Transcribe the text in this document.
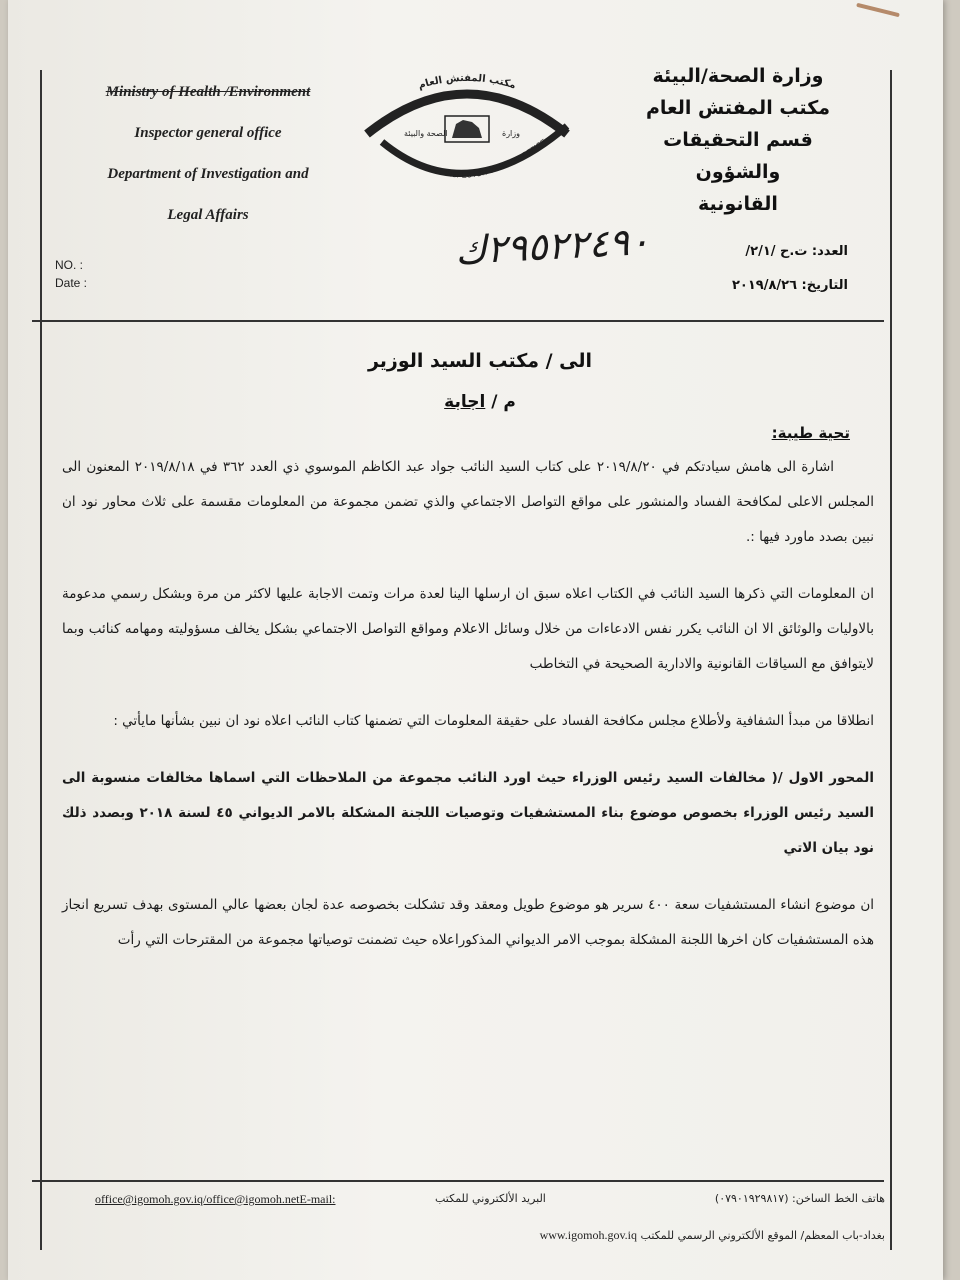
Ministry of Health /Environment
Inspector general office
Department of Investigation and
Legal Affairs
NO. :
Date :
مكتب المفتش العام
INSPECTOR GENERAL OFFICE
الصحة والبيئة	وزارة
وزارة الصحة/البيئة
مكتب المفتش العام
قسم التحقيقات والشؤون
القانونية
العدد: ت.ح /٢/١/
التاريخ: ٢٠١٩/٨/٢٦
٢٩٥٢٢٤٩٠ك
الى / مكتب السيد الوزير
م / اجابة
تحية طيبة:

اشارة الى هامش سيادتكم في ٢٠١٩/٨/٢٠ على كتاب السيد النائب جواد عبد الكاظم الموسوي ذي العدد ٣٦٢ في ٢٠١٩/٨/١٨ المعنون الى المجلس الاعلى لمكافحة الفساد والمنشور على مواقع التواصل الاجتماعي والذي تضمن مجموعة من المعلومات مقسمة على ثلاث محاور نود ان نبين بصدد ماورد فيها :.

ان المعلومات التي ذكرها السيد النائب في الكتاب اعلاه سبق ان ارسلها الينا لعدة مرات وتمت الاجابة عليها لاكثر من مرة وبشكل رسمي مدعومة بالاوليات والوثائق الا ان النائب يكرر نفس الادعاءات من خلال وسائل الاعلام ومواقع التواصل الاجتماعي بشكل يخالف مسؤوليته ومهامه كنائب وبما لايتوافق مع السياقات القانونية والادارية الصحيحة في التخاطب

انطلاقا من مبدأ الشفافية ولأطلاع مجلس مكافحة الفساد على حقيقة المعلومات التي تضمنها كتاب النائب اعلاه نود ان نبين بشأنها مايأتي :

المحور الاول /( مخالفات السيد رئيس الوزراء حيث اورد النائب مجموعة من الملاحظات التي اسماها مخالفات منسوبة الى السيد رئيس الوزراء بخصوص موضوع بناء المستشفيات وتوصيات اللجنة المشكلة بالامر الديواني ٤٥ لسنة ٢٠١٨ وبصدد ذلك نود بيان الاتي

ان موضوع انشاء المستشفيات سعة ٤٠٠ سرير هو موضوع طويل ومعقد وقد تشكلت بخصوصه عدة لجان بعضها عالي المستوى بهدف تسريع انجاز هذه المستشفيات كان اخرها اللجنة المشكلة بموجب الامر الديواني المذكوراعلاه حيث تضمنت توصياتها مجموعة من المقترحات التي رأت

office@igomoh.gov.iq/office@igomoh.netE-mail:	البريد الألكتروني للمكتب	هاتف الخط الساخن: (٠٧٩٠١٩٢٩٨١٧)
بغداد-باب المعظم/ الموقع الألكتروني الرسمي للمكتب www.igomoh.gov.iq
